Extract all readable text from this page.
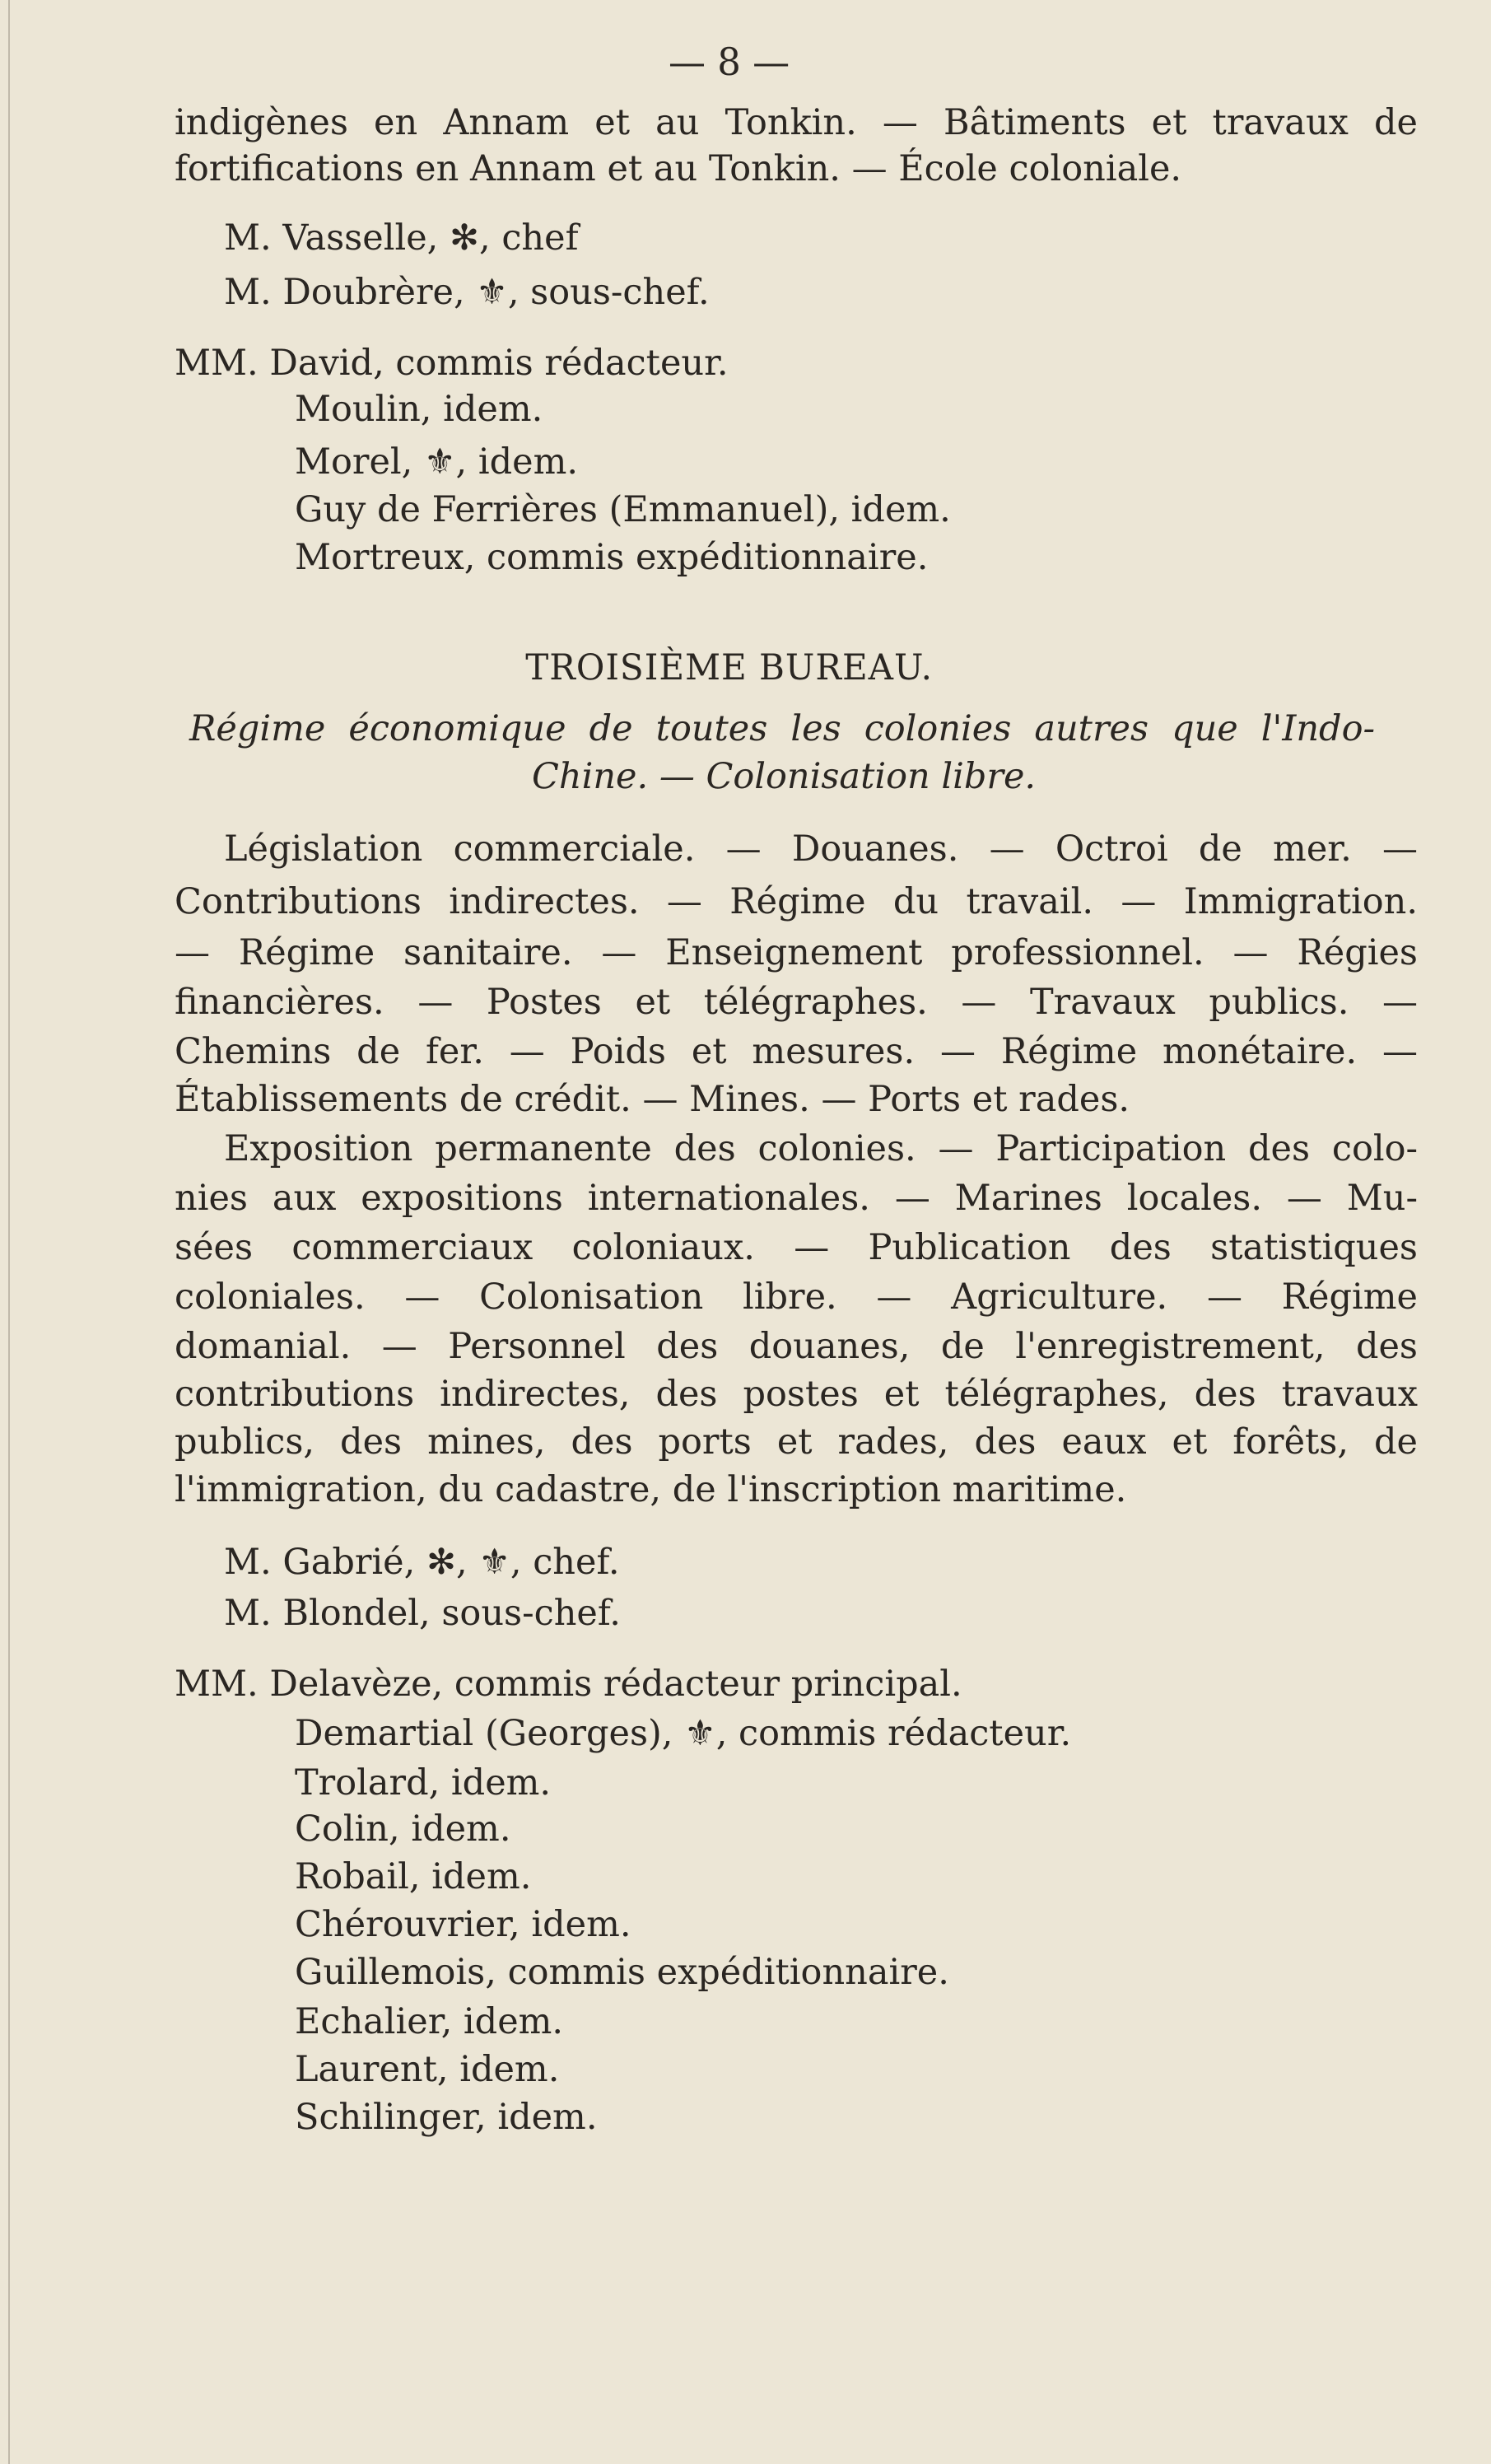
— 8 —
indigènes en Annam et au Tonkin. — Bâtiments et travaux de
fortifications en Annam et au Tonkin. — École coloniale.
M. Vasselle, ✻, chef
M. Doubrère, ⚜, sous-chef.
MM. David, commis rédacteur.
Moulin, idem.
Morel, ⚜, idem.
Guy de Ferrières (Emmanuel), idem.
Mortreux, commis expéditionnaire.
TROISIÈME BUREAU.
Régime économique de toutes les colonies autres que l'Indo-
Chine. — Colonisation libre.
Législation commerciale. — Douanes. — Octroi de mer. —
Contributions indirectes. — Régime du travail. — Immigration.
— Régime sanitaire. — Enseignement professionnel. — Régies
financières. — Postes et télégraphes. — Travaux publics. —
Chemins de fer. — Poids et mesures. — Régime monétaire. —
Établissements de crédit. — Mines. — Ports et rades.
Exposition permanente des colonies. — Participation des colo-
nies aux expositions internationales. — Marines locales. — Mu-
sées commerciaux coloniaux. — Publication des statistiques
coloniales. — Colonisation libre. — Agriculture. — Régime
domanial. — Personnel des douanes, de l'enregistrement, des
contributions indirectes, des postes et télégraphes, des travaux
publics, des mines, des ports et rades, des eaux et forêts, de
l'immigration, du cadastre, de l'inscription maritime.
M. Gabrié, ✻, ⚜, chef.
M. Blondel, sous-chef.
MM. Delavèze, commis rédacteur principal.
Demartial (Georges), ⚜, commis rédacteur.
Trolard, idem.
Colin, idem.
Robail, idem.
Chérouvrier, idem.
Guillemois, commis expéditionnaire.
Echalier, idem.
Laurent, idem.
Schilinger, idem.
